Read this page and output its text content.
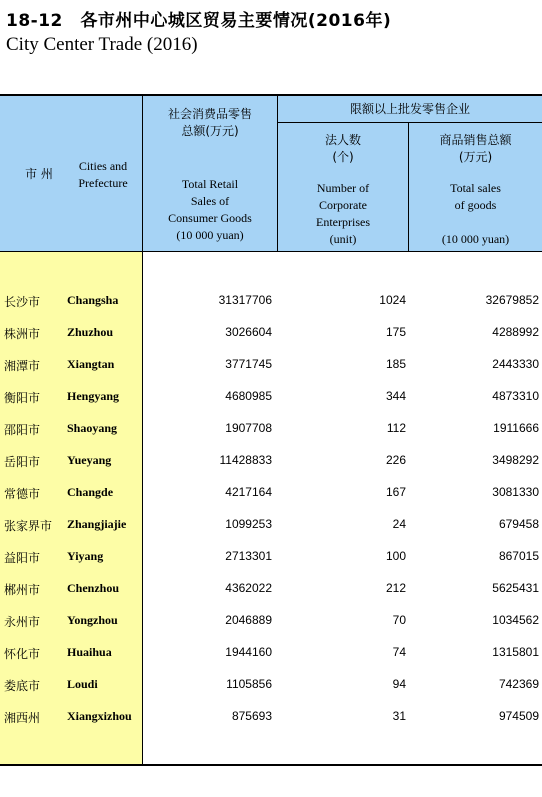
18-12　各市州中心城区贸易主要情况(2016年)
City Center Trade (2016)
市 州
Cities and
Prefecture
社会消费品零售
总额(万元)
Total Retail
Sales of
Consumer Goods
(10 000 yuan)
限额以上批发零售企业
法人数
(个)
Number of
Corporate
Enterprises
(unit)
商品销售总额
(万元)
Total sales
of goods
(10 000 yuan)
长沙市 Changsha	31317706	1024	32679852
株洲市 Zhuzhou	3026604	175	4288992
湘潭市 Xiangtan	3771745	185	2443330
衡阳市 Hengyang	4680985	344	4873310
邵阳市 Shaoyang	1907708	112	1911666
岳阳市 Yueyang	11428833	226	3498292
常德市 Changde	4217164	167	3081330
张家界市 Zhangjiajie	1099253	24	679458
益阳市 Yiyang	2713301	100	867015
郴州市 Chenzhou	4362022	212	5625431
永州市 Yongzhou	2046889	70	1034562
怀化市 Huaihua	1944160	74	1315801
娄底市 Loudi	1105856	94	742369
湘西州 Xiangxizhou	875693	31	974509
